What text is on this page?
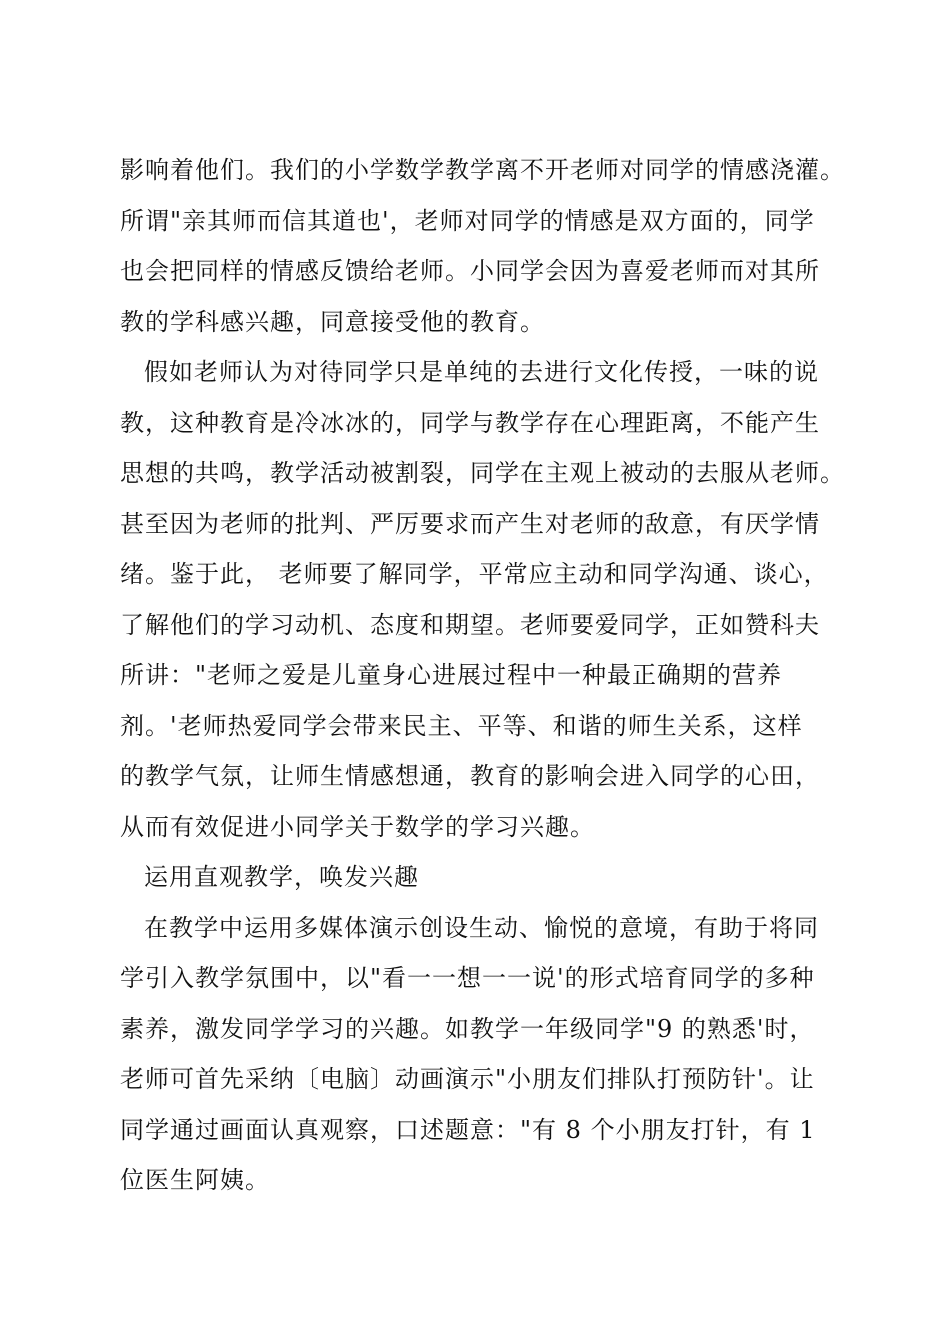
影响着他们。我们的小学数学教学离不开老师对同学的情感浇灌。
所谓"亲其师而信其道也'，老师对同学的情感是双方面的，同学
也会把同样的情感反馈给老师。小同学会因为喜爱老师而对其所
教的学科感兴趣，同意接受他的教育。
假如老师认为对待同学只是单纯的去进行文化传授，一味的说
教，这种教育是冷冰冰的，同学与教学存在心理距离，不能产生
思想的共鸣，教学活动被割裂，同学在主观上被动的去服从老师。
甚至因为老师的批判、严厉要求而产生对老师的敌意，有厌学情
绪。鉴于此， 老师要了解同学，平常应主动和同学沟通、谈心，
了解他们的学习动机、态度和期望。老师要爱同学，正如赞科夫
所讲："老师之爱是儿童身心进展过程中一种最正确期的营养
剂。'老师热爱同学会带来民主、平等、和谐的师生关系，这样
的教学气氛，让师生情感想通，教育的影响会进入同学的心田，
从而有效促进小同学关于数学的学习兴趣。
运用直观教学，唤发兴趣
在教学中运用多媒体演示创设生动、愉悦的意境，有助于将同
学引入教学氛围中，以"看一一想一一说'的形式培育同学的多种
素养，激发同学学习的兴趣。如教学一年级同学"9 的熟悉'时，
老师可首先采纳〔电脑〕动画演示"小朋友们排队打预防针'。让
同学通过画面认真观察，口述题意："有 8 个小朋友打针，有 1
位医生阿姨。
